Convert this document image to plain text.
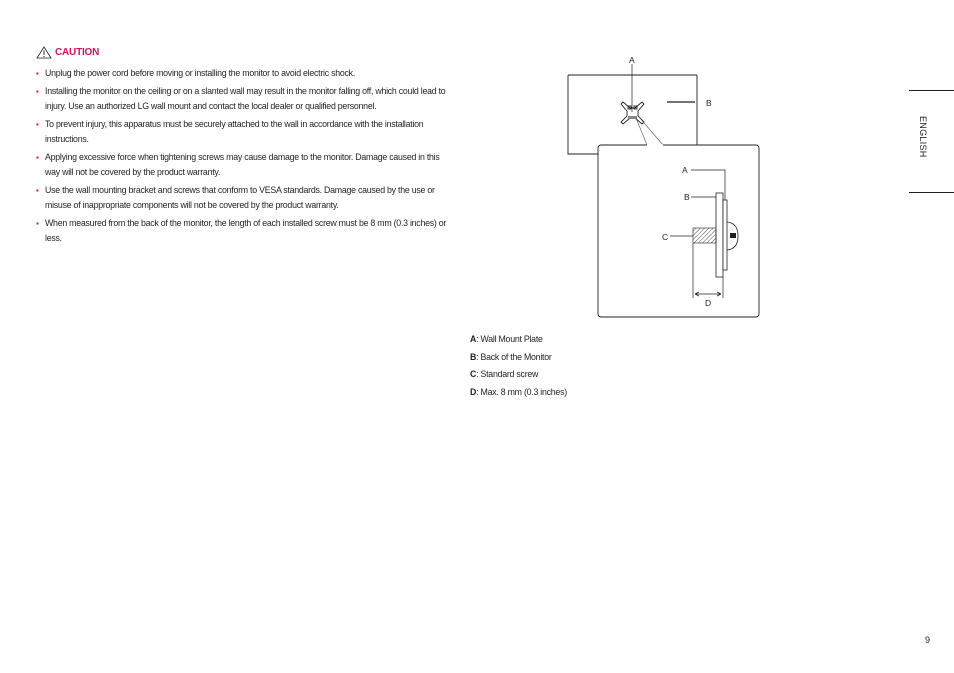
CAUTION
▪ Unplug the power cord before moving or installing the monitor to avoid electric shock.
▪ Installing the monitor on the ceiling or on a slanted wall may result in the monitor falling off, which could lead to injury. Use an authorized LG wall mount and contact the local dealer or qualified personnel.
▪ To prevent injury, this apparatus must be securely attached to the wall in accordance with the installation instructions.
▪ Applying excessive force when tightening screws may cause damage to the monitor. Damage caused in this way will not be covered by the product warranty.
▪ Use the wall mounting bracket and screws that conform to VESA standards. Damage caused by the use or misuse of inappropriate components will not be covered by the product warranty.
▪ When measured from the back of the monitor, the length of each installed screw must be 8 mm (0.3 inches) or less.
A
B
A
B
C
D
A: Wall Mount Plate
B: Back of the Monitor
C: Standard screw
D: Max. 8 mm (0.3 inches)
ENGLISH
9
